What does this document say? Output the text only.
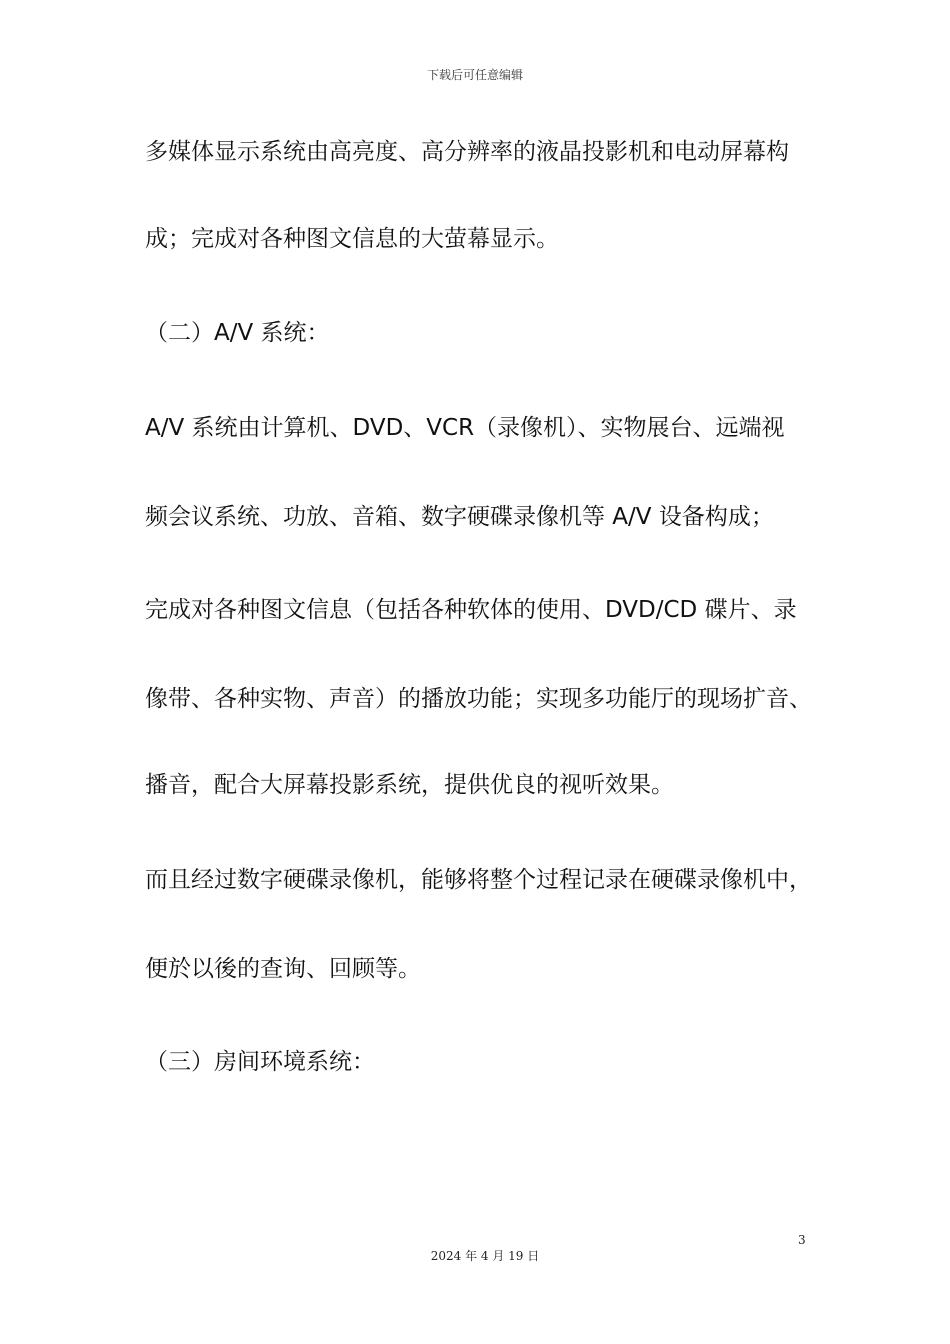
下载后可任意编辑
多媒体显示系统由高亮度、高分辨率的液晶投影机和电动屏幕构
成；完成对各种图文信息的大萤幕显示。
（二）A/V 系统：
A/V 系统由计算机、DVD、VCR（录像机）、实物展台、远端视
频会议系统、功放、音箱、数字硬碟录像机等 A/V 设备构成；
完成对各种图文信息（包括各种软体的使用、DVD/CD 碟片、录
像带、各种实物、声音）的播放功能；实现多功能厅的现场扩音、
播音，配合大屏幕投影系统，提供优良的视听效果。
而且经过数字硬碟录像机，能够将整个过程记录在硬碟录像机中，
便於以後的查询、回顾等。
（三）房间环境系统：
3
2024 年 4 月 19 日
